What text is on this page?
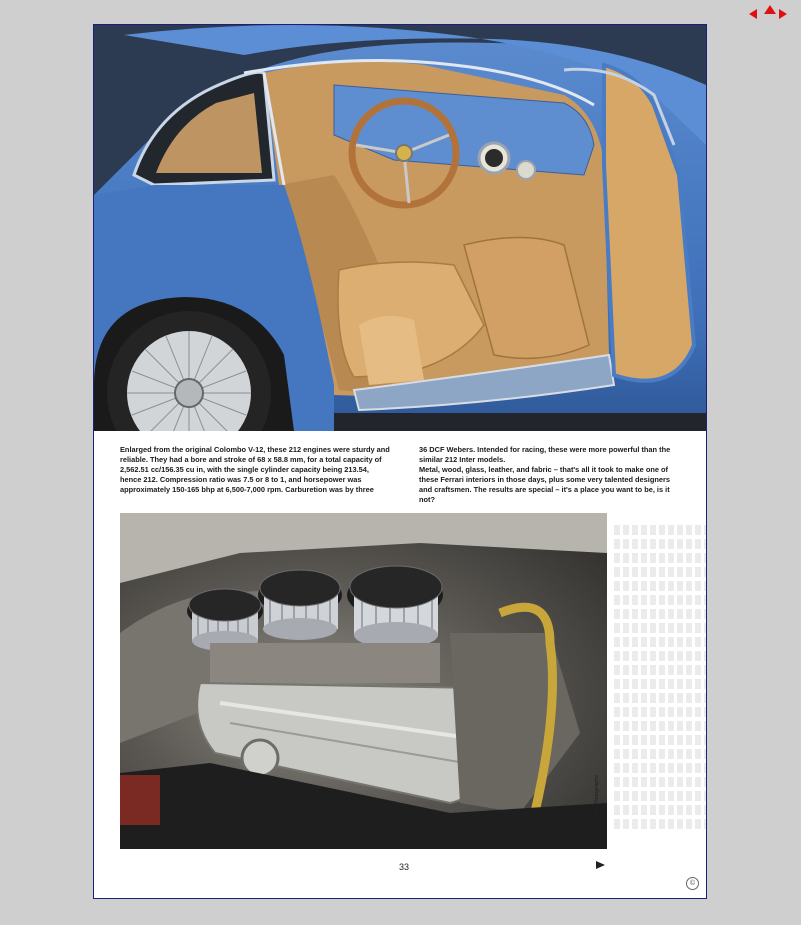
Enlarged from the original Colombo V-12, these 212 engines were sturdy and reliable. They had a bore and stroke of 68 x 58.8 mm, for a total capacity of 2,562.51 cc/156.35 cu in, with the single cylinder capacity being 213.54, hence 212. Compression ratio was 7.5 or 8 to 1, and horsepower was approximately 150-165 bhp at 6,500-7,000 rpm. Carburetion was by three

36 DCF Webers. Intended for racing, these were more powerful than the similar 212 Inter models.

Metal, wood, glass, leather, and fabric – that's all it took to make one of these Ferrari interiors in those days, plus some very talented designers and craftsmen. The results are special – it's a place you want to be, is it not?

Peter S. Linsey Photographs
33
©
